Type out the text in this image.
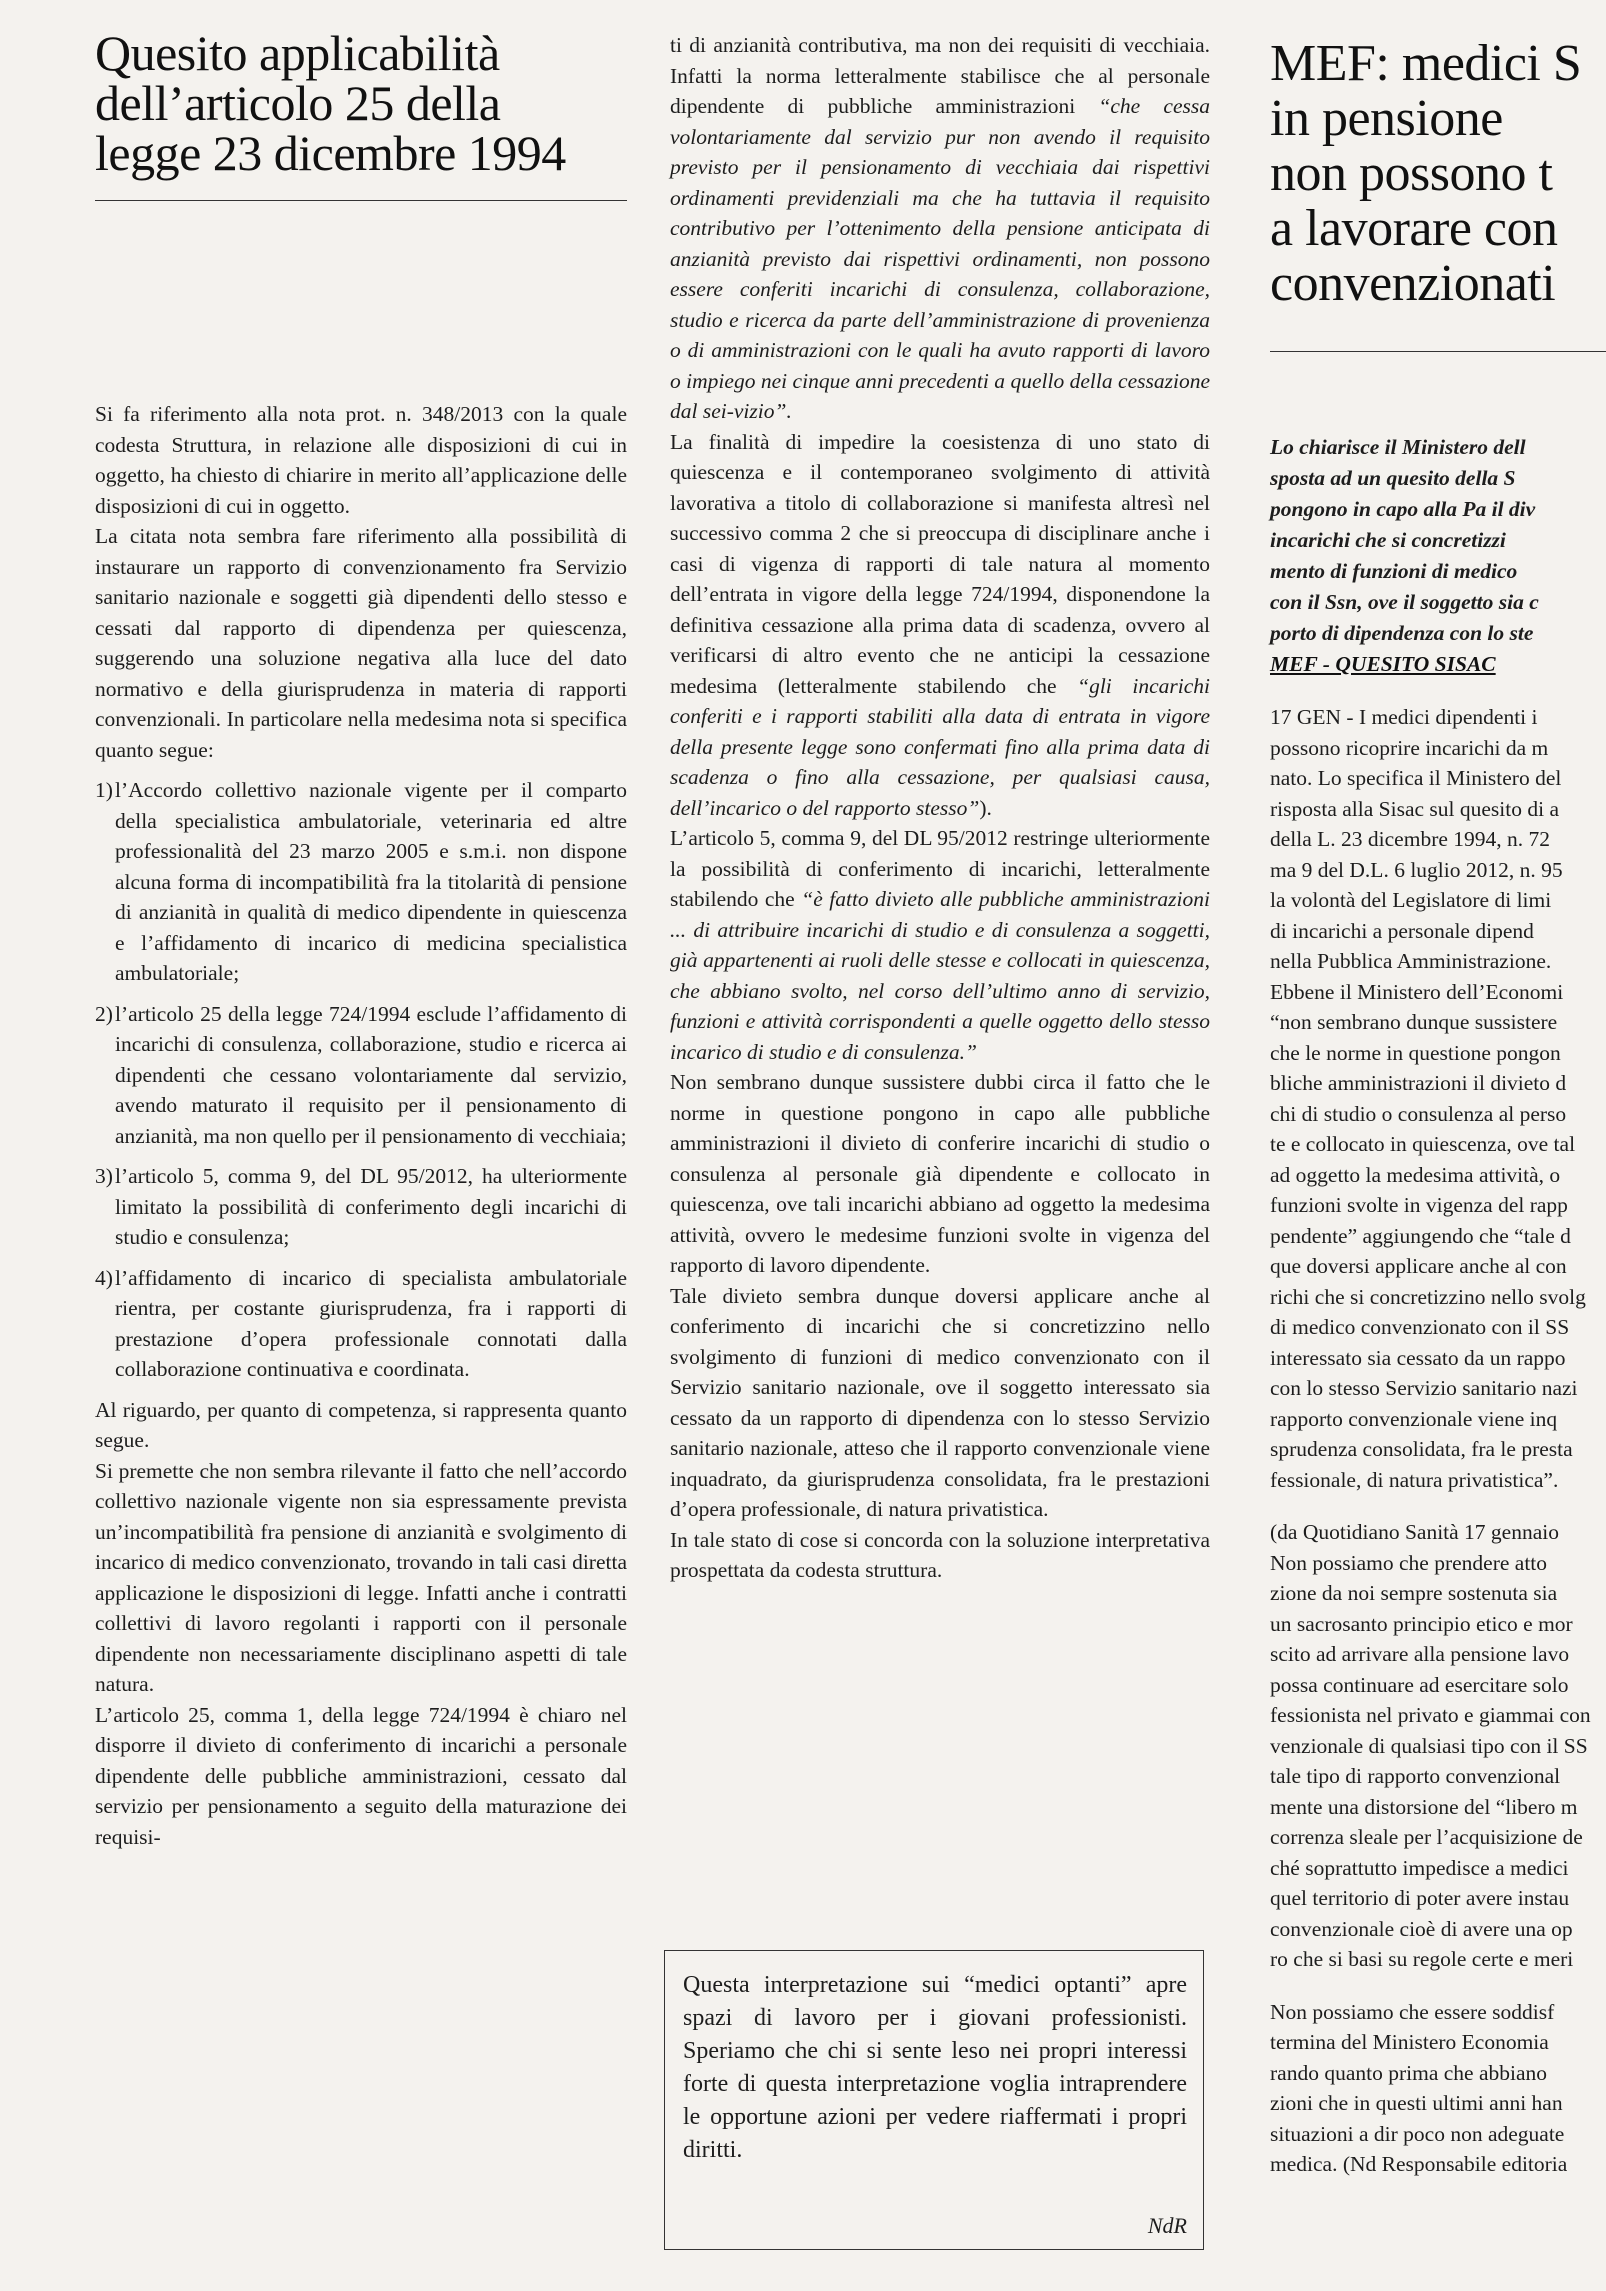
Quesito applicabilità
dell’articolo 25 della
legge 23 dicembre 1994

Si fa riferimento alla nota prot. n. 348/2013 con la quale codesta Struttura, in relazione alle disposizioni di cui in oggetto, ha chiesto di chiarire in merito all’applicazione delle disposizioni di cui in oggetto.

La citata nota sembra fare riferimento alla possibilità di instaurare un rapporto di convenzionamento fra Servizio sanitario nazionale e soggetti già dipendenti dello stesso e cessati dal rapporto di dipendenza per quiescenza, suggerendo una soluzione negativa alla luce del dato normativo e della giurisprudenza in materia di rapporti convenzionali. In particolare nella medesima nota si specifica quanto segue:

1) l’Accordo collettivo nazionale vigente per il comparto della specialistica ambulatoriale, veterinaria ed altre professionalità del 23 marzo 2005 e s.m.i. non dispone alcuna forma di incompatibilità fra la titolarità di pensione di anzianità in qualità di medico dipendente in quiescenza e l’affidamento di incarico di medicina specialistica ambulatoriale;
2) l’articolo 25 della legge 724/1994 esclude l’affidamento di incarichi di consulenza, collaborazione, studio e ricerca ai dipendenti che cessano volontariamente dal servizio, avendo maturato il requisito per il pensionamento di anzianità, ma non quello per il pensionamento di vecchiaia;
3) l’articolo 5, comma 9, del DL 95/2012, ha ulteriormente limitato la possibilità di conferimento degli incarichi di studio e consulenza;
4) l’affidamento di incarico di specialista ambulatoriale rientra, per costante giurisprudenza, fra i rapporti di prestazione d’opera professionale connotati dalla collaborazione continuativa e coordinata.

Al riguardo, per quanto di competenza, si rappresenta quanto segue.

Si premette che non sembra rilevante il fatto che nell’accordo collettivo nazionale vigente non sia espressamente prevista un’incompatibilità fra pensione di anzianità e svolgimento di incarico di medico convenzionato, trovando in tali casi diretta applicazione le disposizioni di legge. Infatti anche i contratti collettivi di lavoro regolanti i rapporti con il personale dipendente non necessariamente disciplinano aspetti di tale natura.

L’articolo 25, comma 1, della legge 724/1994 è chiaro nel disporre il divieto di conferimento di incarichi a personale dipendente delle pubbliche amministrazioni, cessato dal servizio per pensionamento a seguito della maturazione dei requisi-

ti di anzianità contributiva, ma non dei requisiti di vecchiaia. Infatti la norma letteralmente stabilisce che al personale dipendente di pubbliche amministrazioni “che cessa volontariamente dal servizio pur non avendo il requisito previsto per il pensionamento di vecchiaia dai rispettivi ordinamenti previdenziali ma che ha tuttavia il requisito contributivo per l’ottenimento della pensione anticipata di anzianità previsto dai rispettivi ordinamenti, non possono essere conferiti incarichi di consulenza, collaborazione, studio e ricerca da parte dell’amministrazione di provenienza o di amministrazioni con le quali ha avuto rapporti di lavoro o impiego nei cinque anni precedenti a quello della cessazione dal sei-vizio”.

La finalità di impedire la coesistenza di uno stato di quiescenza e il contemporaneo svolgimento di attività lavorativa a titolo di collaborazione si manifesta altresì nel successivo comma 2 che si preoccupa di disciplinare anche i casi di vigenza di rapporti di tale natura al momento dell’entrata in vigore della legge 724/1994, disponendone la definitiva cessazione alla prima data di scadenza, ovvero al verificarsi di altro evento che ne anticipi la cessazione medesima (letteralmente stabilendo che “gli incarichi conferiti e i rapporti stabiliti alla data di entrata in vigore della presente legge sono confermati fino alla prima data di scadenza o fino alla cessazione, per qualsiasi causa, dell’incarico o del rapporto stesso”).

L’articolo 5, comma 9, del DL 95/2012 restringe ulteriormente la possibilità di conferimento di incarichi, letteralmente stabilendo che “è fatto divieto alle pubbliche amministrazioni ... di attribuire incarichi di studio e di consulenza a soggetti, già appartenenti ai ruoli delle stesse e collocati in quiescenza, che abbiano svolto, nel corso dell’ultimo anno di servizio, funzioni e attività corrispondenti a quelle oggetto dello stesso incarico di studio e di consulenza.”

Non sembrano dunque sussistere dubbi circa il fatto che le norme in questione pongono in capo alle pubbliche amministrazioni il divieto di conferire incarichi di studio o consulenza al personale già dipendente e collocato in quiescenza, ove tali incarichi abbiano ad oggetto la medesima attività, ovvero le medesime funzioni svolte in vigenza del rapporto di lavoro dipendente.

Tale divieto sembra dunque doversi applicare anche al conferimento di incarichi che si concretizzino nello svolgimento di funzioni di medico convenzionato con il Servizio sanitario nazionale, ove il soggetto interessato sia cessato da un rapporto di dipendenza con lo stesso Servizio sanitario nazionale, atteso che il rapporto convenzionale viene inquadrato, da giurisprudenza consolidata, fra le prestazioni d’opera professionale, di natura privatistica.

In tale stato di cose si concorda con la soluzione interpretativa prospettata da codesta struttura.

Questa interpretazione sui “medici optanti” apre spazi di lavoro per i giovani professionisti. Speriamo che chi si sente leso nei propri interessi forte di questa interpretazione voglia intraprendere le opportune azioni per vedere riaffermati i propri diritti.

NdR
MEF: medici S
in pensione
non possono t
a lavorare con
convenzionati

Lo chiarisce il Ministero dell

sposta ad un quesito della S

pongono in capo alla Pa il div

incarichi che si concretizzi

mento di funzioni di medico

con il Ssn, ove il soggetto sia c

porto di dipendenza con lo ste

MEF - QUESITO SISAC

17 GEN - I medici dipendenti i

possono ricoprire incarichi da m

nato. Lo specifica il Ministero del

risposta alla Sisac sul quesito di a

della L. 23 dicembre 1994, n. 72

ma 9 del D.L. 6 luglio 2012, n. 95

la volontà del Legislatore di limi

di incarichi a personale dipend

nella Pubblica Amministrazione.

Ebbene il Ministero dell’Economi

“non sembrano dunque sussistere

che le norme in questione pongon

bliche amministrazioni il divieto d

chi di studio o consulenza al perso

te e collocato in quiescenza, ove tal

ad oggetto la medesima attività, o

funzioni svolte in vigenza del rapp

pendente” aggiungendo che “tale d

que doversi applicare anche al con

richi che si concretizzino nello svolg

di medico convenzionato con il SS

interessato sia cessato da un rappo

con lo stesso Servizio sanitario nazi

rapporto convenzionale viene inq

sprudenza consolidata, fra le presta

fessionale, di natura privatistica”.

(da Quotidiano Sanità 17 gennaio

Non possiamo che prendere atto

zione da noi sempre sostenuta sia

un sacrosanto principio etico e mor

scito ad arrivare alla pensione lavo

possa continuare ad esercitare solo

fessionista nel privato e giammai con

venzionale di qualsiasi tipo con il SS

tale tipo di rapporto convenzional

mente una distorsione del “libero m

correnza sleale per l’acquisizione de

ché soprattutto impedisce a medici

quel territorio di poter avere instau

convenzionale cioè di avere una op

ro che si basi su regole certe e meri

Non possiamo che essere soddisf

termina del Ministero Economia

rando quanto prima che abbiano

zioni che in questi ultimi anni han

situazioni a dir poco non adeguate

medica. (Nd Responsabile editoria
